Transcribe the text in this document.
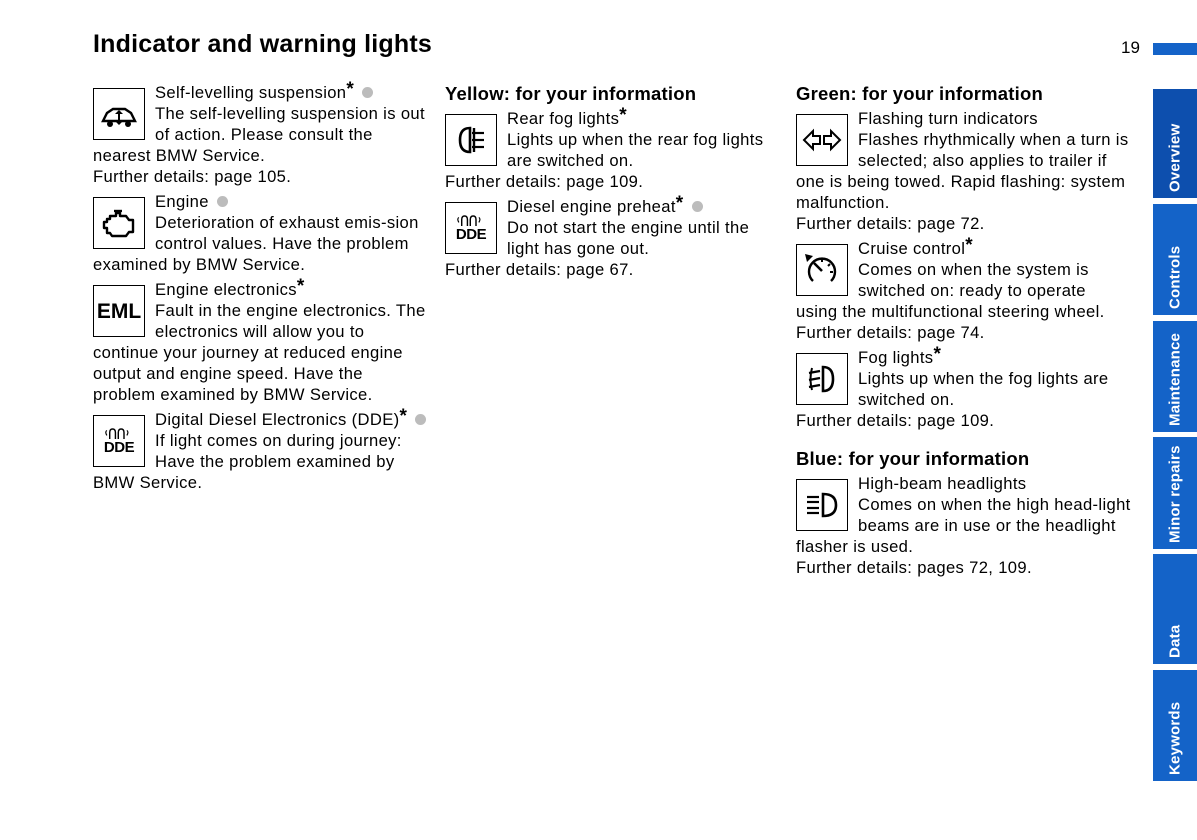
Indicator and warning lights	19
Self-levelling suspension*
The self-levelling suspension is out of action. Please consult the nearest BMW Service.
Further details: page 105.
Engine
Deterioration of exhaust emis-sion control values. Have the problem examined by BMW Service.
EML
Engine electronics*
Fault in the engine electronics. The electronics will allow you to continue your journey at reduced engine output and engine speed. Have the problem examined by BMW Service.
DDE
Digital Diesel Electronics (DDE)*
If light comes on during journey: Have the problem examined by BMW Service.
Yellow: for your information
Rear fog lights*
Lights up when the rear fog lights are switched on.
Further details: page 109.
DDE
Diesel engine preheat*
Do not start the engine until the light has gone out.
Further details: page 67.
Green: for your information
Flashing turn indicators
Flashes rhythmically when a turn is selected; also applies to trailer if one is being towed. Rapid flashing: system malfunction.
Further details: page 72.
Cruise control*
Comes on when the system is switched on: ready to operate using the multifunctional steering wheel.
Further details: page 74.
Fog lights*
Lights up when the fog lights are switched on.
Further details: page 109.
Blue: for your information
High-beam headlights
Comes on when the high head-light beams are in use or the headlight flasher is used.
Further details: pages 72, 109.
Overview
Controls
Maintenance
Minor repairs
Data
Keywords
